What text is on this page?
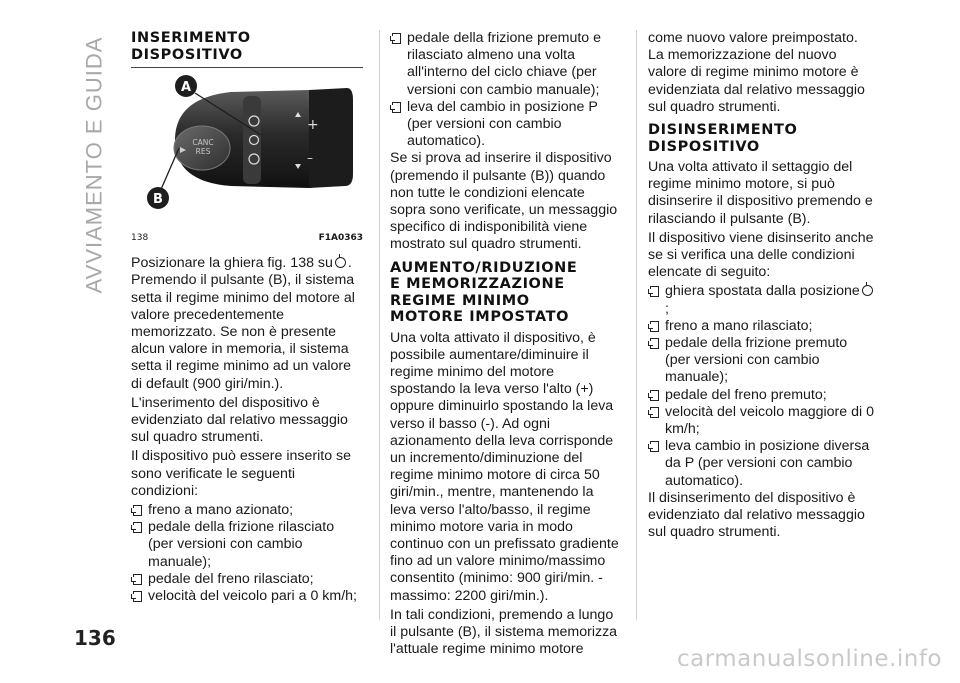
AVVIAMENTO E GUIDA INSERIMENTO
DISPOSITIVO
CANC
RES
+
–
A
B
138	F1A0363

Posizionare la ghiera fig. 138 su . Premendo il pulsante (B), il sistema setta il regime minimo del motore al valore precedentemente memorizzato. Se non è presente alcun valore in memoria, il sistema setta il regime minimo ad un valore di default (900 giri/min.).

L'inserimento del dispositivo è evidenziato dal relativo messaggio sul quadro strumenti.

Il dispositivo può essere inserito se sono verificate le seguenti condizioni:

freno a mano azionato;
pedale della frizione rilasciato (per versioni con cambio manuale);
pedale del freno rilasciato;
velocità del veicolo pari a 0 km/h;
pedale della frizione premuto e rilasciato almeno una volta all'interno del ciclo chiave (per versioni con cambio manuale);
leva del cambio in posizione P (per versioni con cambio automatico).

Se si prova ad inserire il dispositivo (premendo il pulsante (B)) quando non tutte le condizioni elencate sopra sono verificate, un messaggio specifico di indisponibilità viene mostrato sul quadro strumenti.

AUMENTO/RIDUZIONE
E MEMORIZZAZIONE
REGIME MINIMO
MOTORE IMPOSTATO

Una volta attivato il dispositivo, è possibile aumentare/diminuire il regime minimo del motore spostando la leva verso l'alto (+) oppure diminuirlo spostando la leva verso il basso (-). Ad ogni azionamento della leva corrisponde un incremento/diminuzione del regime minimo motore di circa 50 giri/min., mentre, mantenendo la leva verso l'alto/basso, il regime minimo motore varia in modo continuo con un prefissato gradiente fino ad un valore minimo/massimo consentito (minimo: 900 giri/min. - massimo: 2200 giri/min.).

In tali condizioni, premendo a lungo il pulsante (B), il sistema memorizza l'attuale regime minimo motore

come nuovo valore preimpostato. La memorizzazione del nuovo valore di regime minimo motore è evidenziata dal relativo messaggio sul quadro strumenti.

DISINSERIMENTO
DISPOSITIVO

Una volta attivato il settaggio del regime minimo motore, si può disinserire il dispositivo premendo e rilasciando il pulsante (B).

Il dispositivo viene disinserito anche se si verifica una delle condizioni elencate di seguito:

ghiera spostata dalla posizione;
freno a mano rilasciato;
pedale della frizione premuto (per versioni con cambio manuale);
pedale del freno premuto;
velocità del veicolo maggiore di 0 km/h;
leva cambio in posizione diversa da P (per versioni con cambio automatico).

Il disinserimento del dispositivo è evidenziato dal relativo messaggio sul quadro strumenti.

136
carmanualsonline.info
